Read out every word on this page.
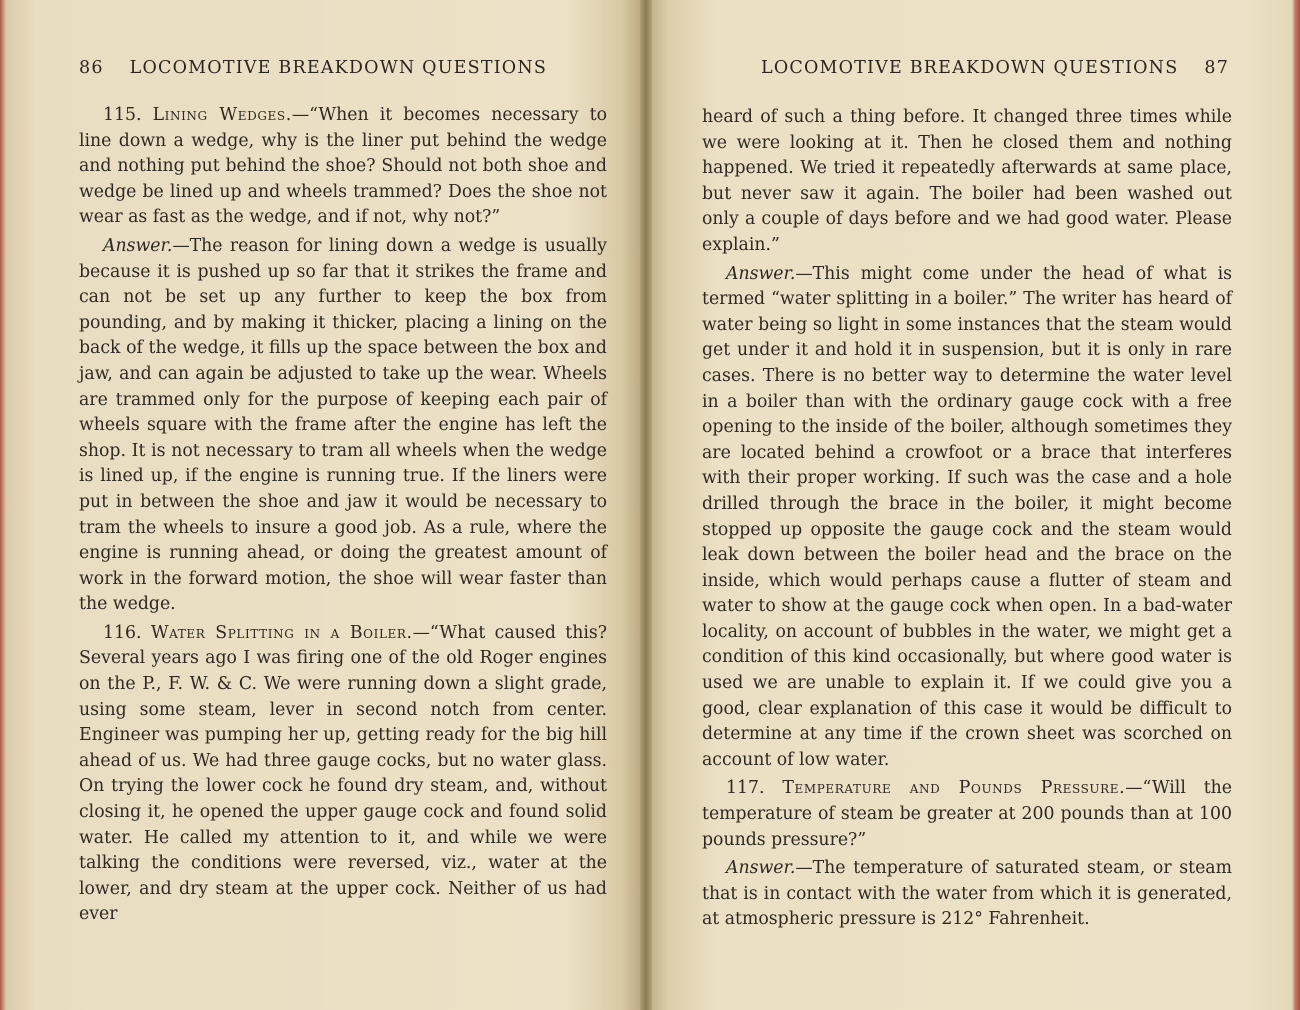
86 LOCOMOTIVE BREAKDOWN QUESTIONS

115. Lining Wedges.—“When it becomes necessary to line down a wedge, why is the liner put behind the wedge and nothing put behind the shoe? Should not both shoe and wedge be lined up and wheels trammed? Does the shoe not wear as fast as the wedge, and if not, why not?”

Answer.—The reason for lining down a wedge is usually because it is pushed up so far that it strikes the frame and can not be set up any further to keep the box from pounding, and by making it thicker, placing a lining on the back of the wedge, it fills up the space between the box and jaw, and can again be adjusted to take up the wear. Wheels are trammed only for the purpose of keeping each pair of wheels square with the frame after the engine has left the shop. It is not necessary to tram all wheels when the wedge is lined up, if the engine is running true. If the liners were put in between the shoe and jaw it would be necessary to tram the wheels to insure a good job. As a rule, where the engine is running ahead, or doing the greatest amount of work in the forward motion, the shoe will wear faster than the wedge.

116. Water Splitting in a Boiler.—“What caused this? Several years ago I was firing one of the old Roger engines on the P., F. W. & C. We were running down a slight grade, using some steam, lever in second notch from center. Engineer was pumping her up, getting ready for the big hill ahead of us. We had three gauge cocks, but no water glass. On trying the lower cock he found dry steam, and, without closing it, he opened the upper gauge cock and found solid water. He called my attention to it, and while we were talking the conditions were reversed, viz., water at the lower, and dry steam at the upper cock. Neither of us had ever

LOCOMOTIVE BREAKDOWN QUESTIONS 87

heard of such a thing before. It changed three times while we were looking at it. Then he closed them and nothing happened. We tried it repeatedly afterwards at same place, but never saw it again. The boiler had been washed out only a couple of days before and we had good water. Please explain.”

Answer.—This might come under the head of what is termed “water splitting in a boiler.” The writer has heard of water being so light in some instances that the steam would get under it and hold it in suspension, but it is only in rare cases. There is no better way to determine the water level in a boiler than with the ordinary gauge cock with a free opening to the inside of the boiler, although sometimes they are located behind a crowfoot or a brace that interferes with their proper working. If such was the case and a hole drilled through the brace in the boiler, it might become stopped up opposite the gauge cock and the steam would leak down between the boiler head and the brace on the inside, which would perhaps cause a flutter of steam and water to show at the gauge cock when open. In a bad-water locality, on account of bubbles in the water, we might get a condition of this kind occasionally, but where good water is used we are unable to explain it. If we could give you a good, clear explanation of this case it would be difficult to determine at any time if the crown sheet was scorched on account of low water.

117. Temperature and Pounds Pressure.—“Will the temperature of steam be greater at 200 pounds than at 100 pounds pressure?”

Answer.—The temperature of saturated steam, or steam that is in contact with the water from which it is generated, at atmospheric pressure is 212° Fahrenheit.
